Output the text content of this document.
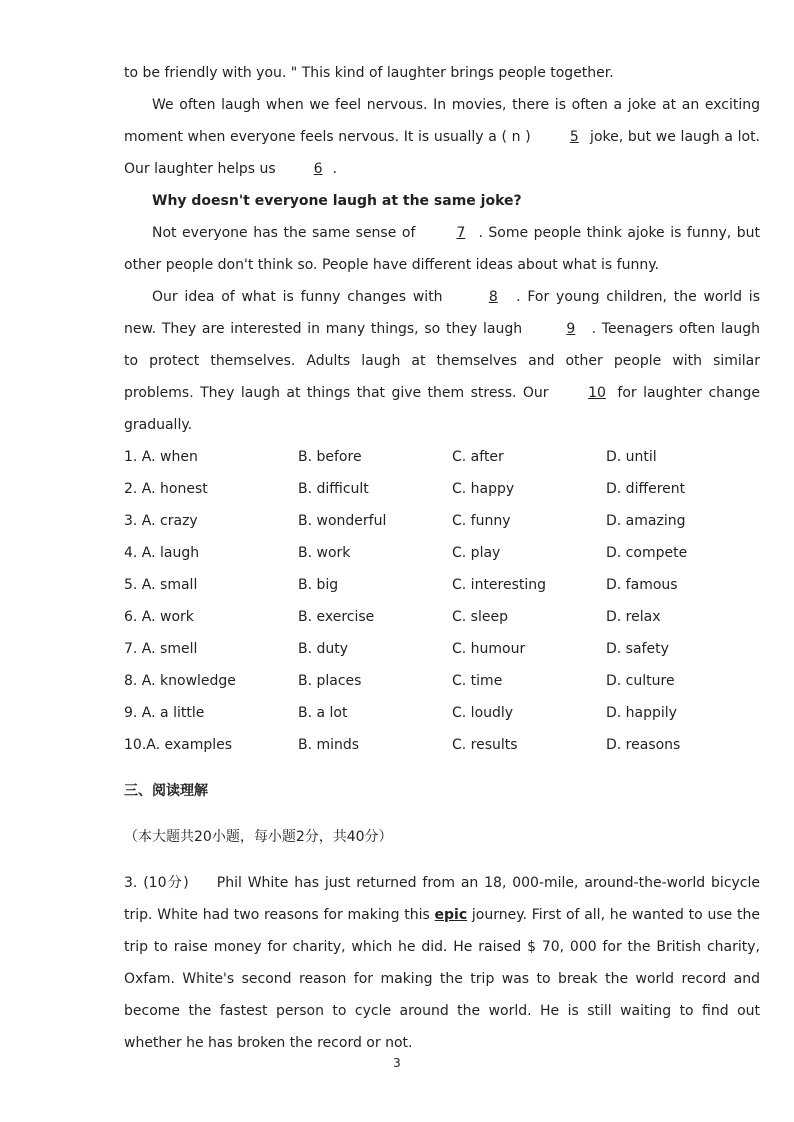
to be friendly with you. " This kind of laughter brings people together.

We often laugh when we feel nervous. In movies, there is often a joke at an exciting moment when everyone feels nervous. It is usually a ( n ) 5 joke, but we laugh a lot. Our laughter helps us 6 .

Why doesn't everyone laugh at the same joke?

Not everyone has the same sense of	7 . Some people think ajoke is funny, but other people don't think so. People have different ideas about what is funny.

Our idea of what is funny changes with	8 . For young children, the world is new. They are interested in many things, so they laugh	9 . Teenagers often laugh to protect themselves. Adults laugh at themselves and other people with similar problems. They laugh at things that give them stress. Our 10 for laughter change gradually.

1. A. when	B. before	C. after	D. until
2. A. honest	B. difficult	C. happy	D. different
3. A. crazy	B. wonderful	C. funny	D. amazing
4. A. laugh	B. work	C. play	D. compete
5. A. small	B. big	C. interesting	D. famous
6. A. work	B. exercise	C. sleep	D. relax
7. A. smell	B. duty	C. humour	D. safety
8. A. knowledge	B. places	C. time	D. culture
9. A. a little	B. a lot	C. loudly	D. happily
10.A. examples	B. minds	C. results	D. reasons
三、阅读理解
（本大题共20小题，每小题2分，共40分）

3. (10分) Phil White has just returned from an 18, 000-mile, around-the-world bicycle trip. White had two reasons for making this epic journey. First of all, he wanted to use the trip to raise money for charity, which he did. He raised $ 70, 000 for the British charity, Oxfam. White's second reason for making the trip was to break the world record and become the fastest person to cycle around the world. He is still waiting to find out whether he has broken the record or not.

3
